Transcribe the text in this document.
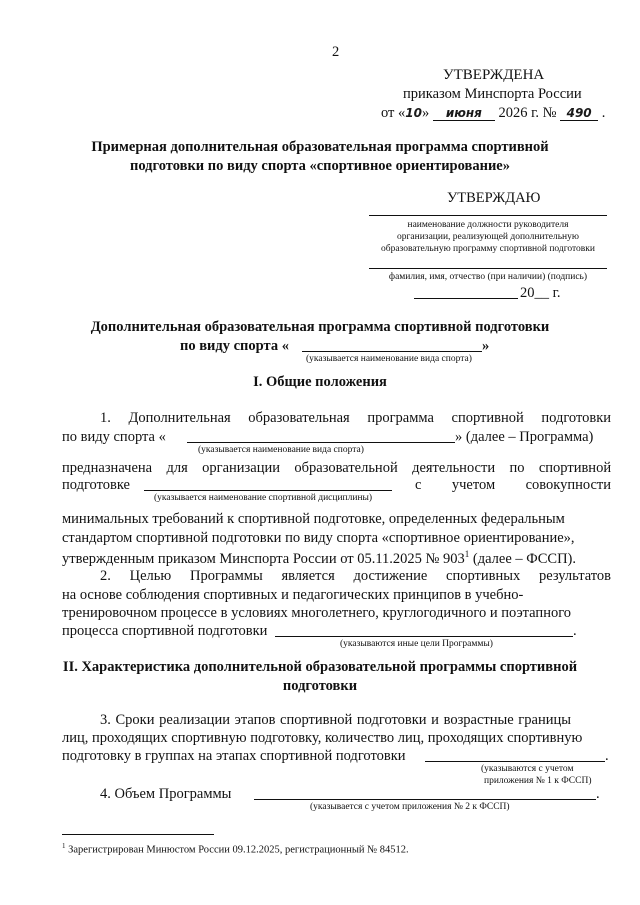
2
УТВЕРЖДЕНА
приказом Минспорта России
от «10» июня 2026 г. № 490 .
Примерная дополнительная образовательная программа спортивной
подготовки по виду спорта «спортивное ориентирование»
УТВЕРЖДАЮ
наименование должности руководителя
организации, реализующей дополнительную
образовательную программу спортивной подготовки
фамилия, имя, отчество (при наличии) (подпись)
20__ г.
Дополнительная образовательная программа спортивной подготовки
по виду спорта «	»
(указывается наименование вида спорта)
I. Общие положения
1. Дополнительная образовательная программа спортивной подготовки
по виду спорта «	» (далее – Программа)
(указывается наименование вида спорта)
предназначена для организации образовательной деятельности по спортивной
подготовке	с учетом совокупности
(указывается наименование спортивной дисциплины)
минимальных требований к спортивной подготовке, определенных федеральным
стандартом спортивной подготовки по виду спорта «спортивное ориентирование»,
утвержденным приказом Минспорта России от 05.11.2025 № $903^1$ (далее – ФССП).
2. Целью Программы является достижение спортивных результатов
на основе соблюдения спортивных и педагогических принципов в учебно-
тренировочном процессе в условиях многолетнего, круглогодичного и поэтапного
процесса спортивной подготовки	.
(указываются иные цели Программы)
II. Характеристика дополнительной образовательной программы спортивной
подготовки
3. Сроки реализации этапов спортивной подготовки и возрастные границы
лиц, проходящих спортивную подготовку, количество лиц, проходящих спортивную
подготовку в группах на этапах спортивной подготовки	.
(указываются с учетом
приложения № 1 к ФССП)
4. Объем Программы	.
(указывается с учетом приложения № 2 к ФССП)
$^1$ Зарегистрирован Минюстом России 09.12.2025, регистрационный № 84512.
